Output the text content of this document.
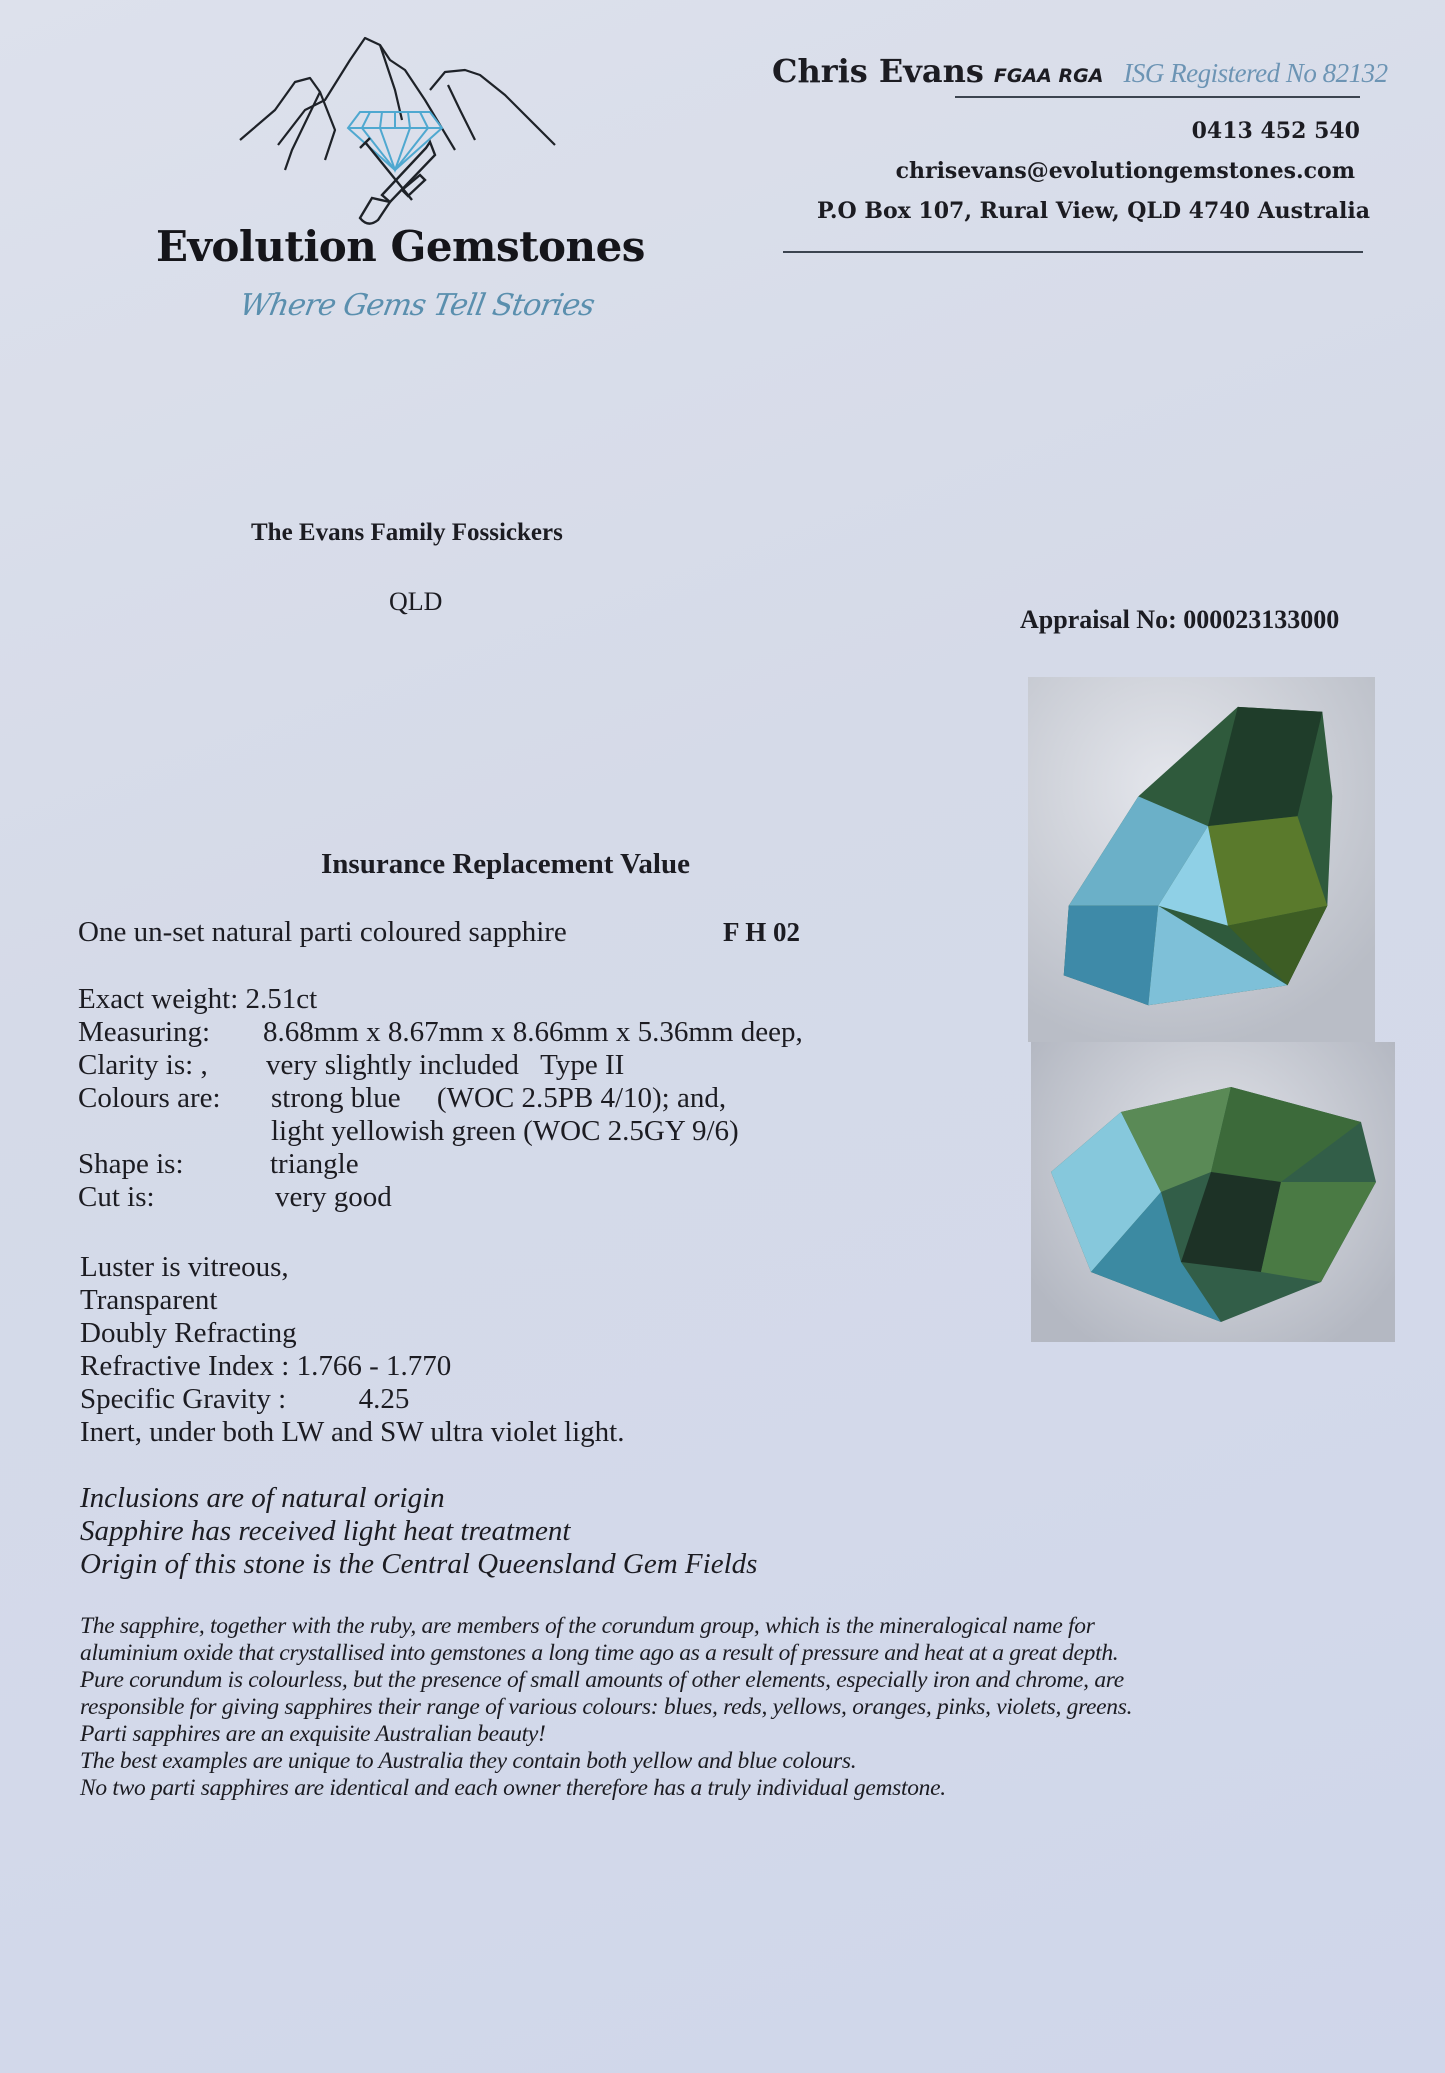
Evolution Gemstones
Where Gems Tell Stories
Chris Evans FGAA RGA ISG Registered No 82132
0413 452 540
chrisevans@evolutiongemstones.com
P.O Box 107, Rural View, QLD 4740 Australia
The Evans Family Fossickers
QLD
Appraisal No: 000023133000
Insurance Replacement Value
One un-set natural parti coloured sapphire	F H 02
Exact weight: 2.51ct
Measuring:	8.68mm x 8.67mm x 8.66mm x 5.36mm deep,
Clarity is: ,	very slightly included   Type II
Colours are:	strong blue     (WOC 2.5PB 4/10); and,
light yellowish green (WOC 2.5GY 9/6)
Shape is:	triangle
Cut is:	very good
Luster is vitreous,
Transparent
Doubly Refracting
Refractive Index : 1.766 - 1.770
Specific Gravity :          4.25
Inert, under both LW and SW ultra violet light.
Inclusions are of natural origin
Sapphire has received light heat treatment
Origin of this stone is the Central Queensland Gem Fields
The sapphire, together with the ruby, are members of the corundum group, which is the mineralogical name for
aluminium oxide that crystallised into gemstones a long time ago as a result of pressure and heat at a great depth.
Pure corundum is colourless, but the presence of small amounts of other elements, especially iron and chrome, are
responsible for giving sapphires their range of various colours: blues, reds, yellows, oranges, pinks, violets, greens.
Parti sapphires are an exquisite Australian beauty!
The best examples are unique to Australia they contain both yellow and blue colours.
No two parti sapphires are identical and each owner therefore has a truly individual gemstone.
